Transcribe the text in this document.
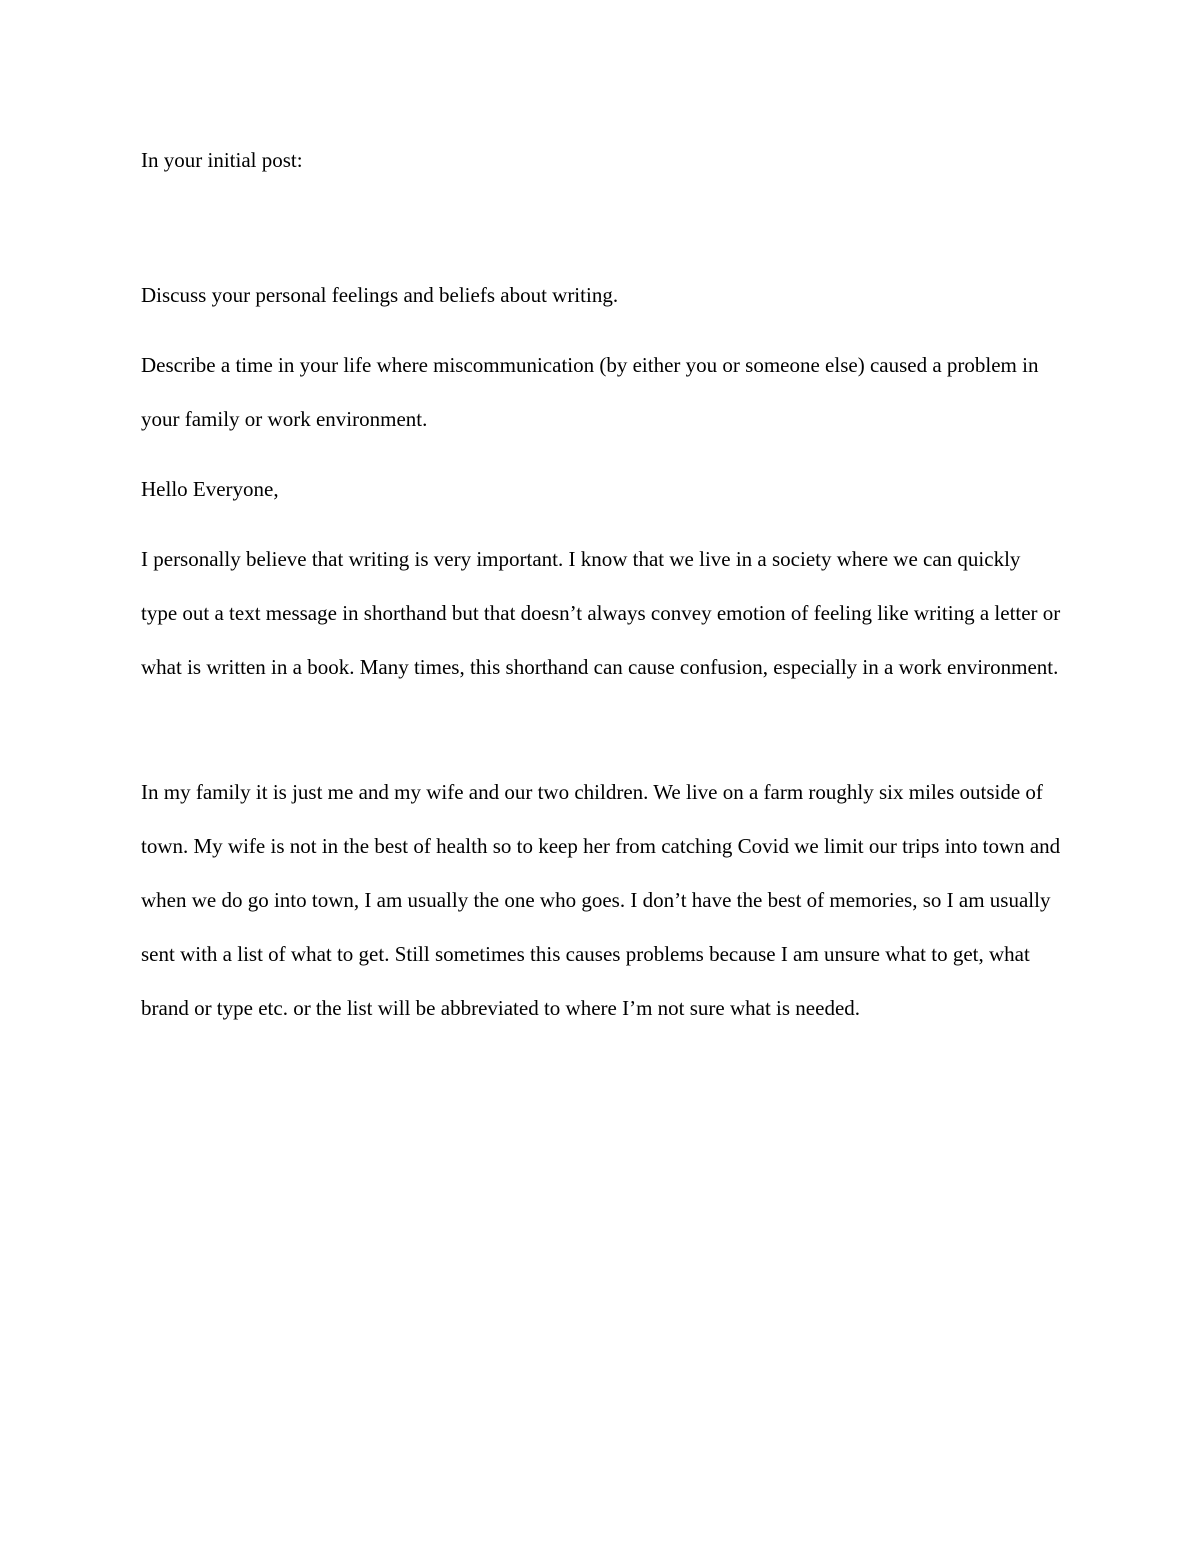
In your initial post:

Discuss your personal feelings and beliefs about writing.

Describe a time in your life where miscommunication (by either you or someone else) caused a problem in your family or work environment.

Hello Everyone,

I personally believe that writing is very important. I know that we live in a society where we can quickly type out a text message in shorthand but that doesn’t always convey emotion of feeling like writing a letter or what is written in a book. Many times, this shorthand can cause confusion, especially in a work environment.

In my family it is just me and my wife and our two children. We live on a farm roughly six miles outside of town. My wife is not in the best of health so to keep her from catching Covid we limit our trips into town and when we do go into town, I am usually the one who goes. I don’t have the best of memories, so I am usually sent with a list of what to get. Still sometimes this causes problems because I am unsure what to get, what brand or type etc. or the list will be abbreviated to where I’m not sure what is needed.
